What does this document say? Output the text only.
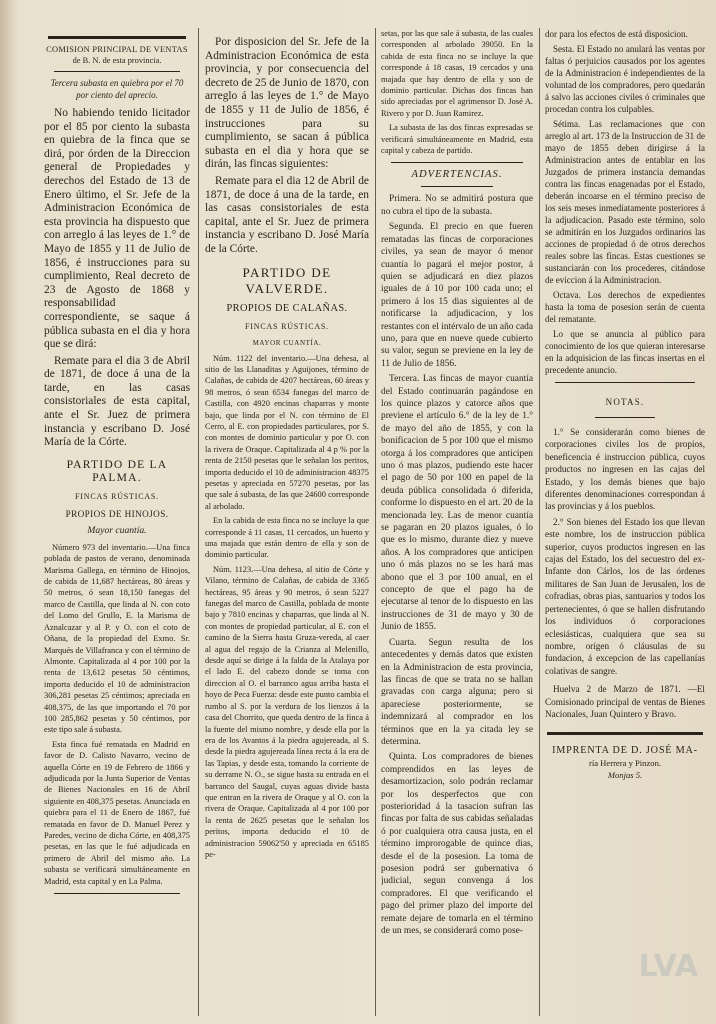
COMISION PRINCIPAL DE VENTAS

de B. N. de esta provincia.

Tercera subasta en quiebra por el 70 por ciento del aprecio.

No habiendo tenido licitador por el 85 por ciento la subasta en quiebra de la finca que se dirá, por órden de la Direccion general de Propiedades y derechos del Estado de 13 de Enero último, el Sr. Jefe de la Administracion Económica de esta provincia ha dispuesto que con arreglo á las leyes de 1.° de Mayo de 1855 y 11 de Julio de 1856, é instrucciones para su cumplimiento, Real decreto de 23 de Agosto de 1868 y responsabilidad correspondiente, se saque á pública subasta en el dia y hora que se dirá:

Remate para el dia 3 de Abril de 1871, de doce á una de la tarde, en las casas consistoriales de esta capital, ante el Sr. Juez de primera instancia y escribano D. José María de la Córte.

PARTIDO DE LA PALMA.

FINCAS RÚSTICAS.

PROPIOS DE HINOJOS.

Mayor cuantía.

Número 973 del inventario.—Una finca poblada de pastos de verano, denominada Marisma Gallega, en término de Hinojos, de cabida de 11,687 hectáreas, 80 áreas y 50 metros, ó sean 18,150 fanegas del marco de Castilla, que linda al N. con coto del Lomo del Grullo, E. la Marisma de Aznalcazar y al P. y O. con el coto de Oñana, de la propiedad del Exmo. Sr. Marqués de Villafranca y con el término de Almonte. Capitalizada al 4 por 100 por la renta de 13,612 pesetas 50 céntimos, importa deducido el 10 de administracion 306,281 pesetas 25 céntimos; apreciada en 408,375, de las que importando el 70 por 100 285,862 pesetas y 50 céntimos, por este tipo sale á subasta.

Esta finca fué rematada en Madrid en favor de D. Calisto Navarro, vecino de aquella Córte en 19 de Febrero de 1866 y adjudicada por la Junta Superior de Ventas de Bienes Nacionales en 16 de Abril siguiente en 408,375 pesetas. Anunciada en quiebra para el 11 de Enero de 1867, fué rematada en favor de D. Manuel Perez y Paredes, vecino de dicha Córte, en 408,375 pesetas, en las que le fué adjudicada en primero de Abril del mismo año. La subasta se verificará simultáneamente en Madrid, esta capital y en La Palma.

Por disposicion del Sr. Jefe de la Administracion Económica de esta provincia, y por consecuencia del decreto de 25 de Junio de 1870, con arreglo á las leyes de 1.° de Mayo de 1855 y 11 de Julio de 1856, é instrucciones para su cumplimiento, se sacan á pública subasta en el dia y hora que se dirán, las fincas siguientes:

Remate para el dia 12 de Abril de 1871, de doce á una de la tarde, en las casas consistoriales de esta capital, ante el Sr. Juez de primera instancia y escribano D. José María de la Córte.

PARTIDO DE VALVERDE.

PROPIOS DE CALAÑAS.

FINCAS RÚSTICAS.

MAYOR CUANTÍA.

Núm. 1122 del inventario.—Una dehesa, al sitio de las Llanaditas y Aguijones, término de Calañas, de cabida de 4207 hectáreas, 60 áreas y 98 metros, ó sean 6534 fanegas del marco de Castilla, con 4920 encinas chaparras y monte bajo, que linda por el N. con término de El Cerro, al E. con propiedades particulares, por S. con montes de dominio particular y por O. con la rivera de Oraque. Capitalizada al 4 p % por la renta de 2150 pesetas que le señalan los peritos, importa deducido el 10 de administracion 48375 pesetas y apreciada en 57270 pesetas, por las que sale á subasta, de las que 24600 corresponde al arbolado.

En la cabida de esta finca no se incluye la que corresponde á 11 casas, 11 cercados, un huerto y una majada que están dentro de ella y son de dominio particular.

Núm. 1123.—Una dehesa, al sitio de Córte y Vilano, término de Calañas, de cabida de 3365 hectáreas, 95 áreas y 90 metros, ó sean 5227 fanegas del marco de Castilla, poblada de monte bajo y 7810 encinas y chaparras, que linda al N. con montes de propiedad particular, al E. con el camino de la Sierra hasta Gruza-vereda, al caer al agua del regajo de la Crianza al Melenillo, desde aquí se dirige á la falda de la Atalaya por el lado E. del cabezo donde se toma con direccion al O. el barranco agua arriba hasta el hoyo de Peca Fuerza: desde este punto cambia el rumbo al S. por la verdura de los lienzos á la casa del Chorrito, que queda dentro de la finca á la fuente del mismo nombre, y desde ella por la era de los Avantos á la piedra agujereada, al S. desde la piedra agujereada línea recta á la era de las Tapias, y desde esta, tomando la corriente de su derrame N. O., se sigue hasta su entrada en el barranco del Saugal, cuyas aguas divide hasta que entran en la rivera de Oraque y al O. con la rivera de Oraque. Capitalizada al 4 por 100 por la renta de 2625 pesetas que le señalan los peritos, importa deducido el 10 de administracion 59062'50 y apreciada en 65185 pe-

setas, por las que sale á subasta, de las cuales corresponden al arbolado 39050. En la cabida de esta finca no se incluye la que corresponde á 18 casas, 19 cercados y una majada que hay dentro de ella y son de dominio particular. Dichas dos fincas han sido apreciadas por el agrimensor D. José A. Rivero y por D. Juan Ramirez.

La subasta de las dos fincas expresadas se verificará simultáneamente en Madrid, esta capital y cabeza de partido.

ADVERTENCIAS.

Primera. No se admitirá postura que no cubra el tipo de la subasta.

Segunda. El precio en que fueren rematadas las fincas de corporaciones civiles, ya sean de mayor ó menor cuantía lo pagará el mejor postor, á quien se adjudicará en diez plazos iguales de á 10 por 100 cada uno; el primero á los 15 dias siguientes al de notificarse la adjudicacion, y los restantes con el intérvalo de un año cada uno, para que en nueve quede cubierto su valor, segun se previene en la ley de 11 de Julio de 1856.

Tercera. Las fincas de mayor cuantía del Estado continuarán pagándose en los quince plazos y catorce años que previene el artículo 6.° de la ley de 1.° de mayo del año de 1855, y con la bonificacion de 5 por 100 que el mismo otorga á los compradores que anticipen uno ó mas plazos, pudiendo este hacer el pago de 50 por 100 en papel de la deuda pública consolidada ó diferida, conforme lo dispuesto en el art. 20 de la mencionada ley. Las de menor cuantía se pagaran en 20 plazos iguales, ó lo que es lo mismo, durante diez y nueve años. A los compradores que anticipen uno ó más plazos no se les hará mas abono que el 3 por 100 anual, en el concepto de que el pago ha de ejecutarse al tenor de lo dispuesto en las instrucciones de 31 de mayo y 30 de Junio de 1855.

Cuarta. Segun resulta de los antecedentes y demás datos que existen en la Administracion de esta provincia, las fincas de que se trata no se hallan gravadas con carga alguna; pero si apareciese posteriormente, se indemnizará al comprador en los términos que en la ya citada ley se determina.

Quinta. Los compradores de bienes comprendidos en las leyes de desamortizacion, solo podrán reclamar por los desperfectos que con posterioridad á la tasacion sufran las fincas por falta de sus cabidas señaladas ó por cualquiera otra causa justa, en el término improrogable de quince dias, desde el de la posesion. La toma de posesion podrá ser gubernativa ó judicial, segun convenga á los compradores. El que verificando el pago del primer plazo del importe del remate dejare de tomarla en el término de un mes, se considerará como pose-

dor para los efectos de está disposicion.

Sesta. El Estado no anulará las ventas por faltas ó perjuicios causados por los agentes de la Administracion é independientes de la voluntad de los compradores, pero quedarán á salvo las acciones civiles ó criminales que procedan contra los culpables.

Sétima. Las reclamaciones que con arreglo al art. 173 de la Instruccion de 31 de mayo de 1855 deben dirigirse á la Administracion antes de entablar en los Juzgados de primera instancia demandas contra las fincas enagenadas por el Estado, deberán incoarse en el término preciso de los seis meses inmediatamente posteriores á la adjudicacion. Pasado este término, solo se admitirán en los Juzgados ordinarios las acciones de propiedad ó de otros derechos reales sobre las fincas. Estas cuestiones se sustanciarán con los procederes, citándose de eviccion á la Administracion.

Octava. Los derechos de expedientes hasta la toma de posesion serán de cuenta del rematante.

Lo que se anuncia al público para conocimiento de los que quieran interesarse en la adquisicion de las fincas insertas en el precedente anuncio.

NOTAS.

1.° Se considerarán como bienes de corporaciones civiles los de propios, beneficencia é instruccion pública, cuyos productos no ingresen en las cajas del Estado, y los demás bienes que bajo diferentes denominaciones correspondan á las provincias y á los pueblos.

2.° Son bienes del Estado los que llevan este nombre, los de instruccion pública superior, cuyos productos ingresen en las cajas del Estado, los del secuestro del ex-Infante don Cárlos, los de las órdenes militares de San Juan de Jerusalen, los de cofradias, obras pias, santuarios y todos los pertenecientes, ó que se hallen disfrutando los individuos ó corporaciones eclesiásticas, cualquiera que sea su nombre, orígen ó cláusulas de su fundacion, á excepcion de las capellanías colativas de sangre.

Huelva 2 de Marzo de 1871. —El Comisionado principal de ventas de Bienes Nacionales, Juan Quintero y Bravo.

IMPRENTA DE D. JOSÉ MA-

ría Herrera y Pinzon.

Monjas 5.

LVA
